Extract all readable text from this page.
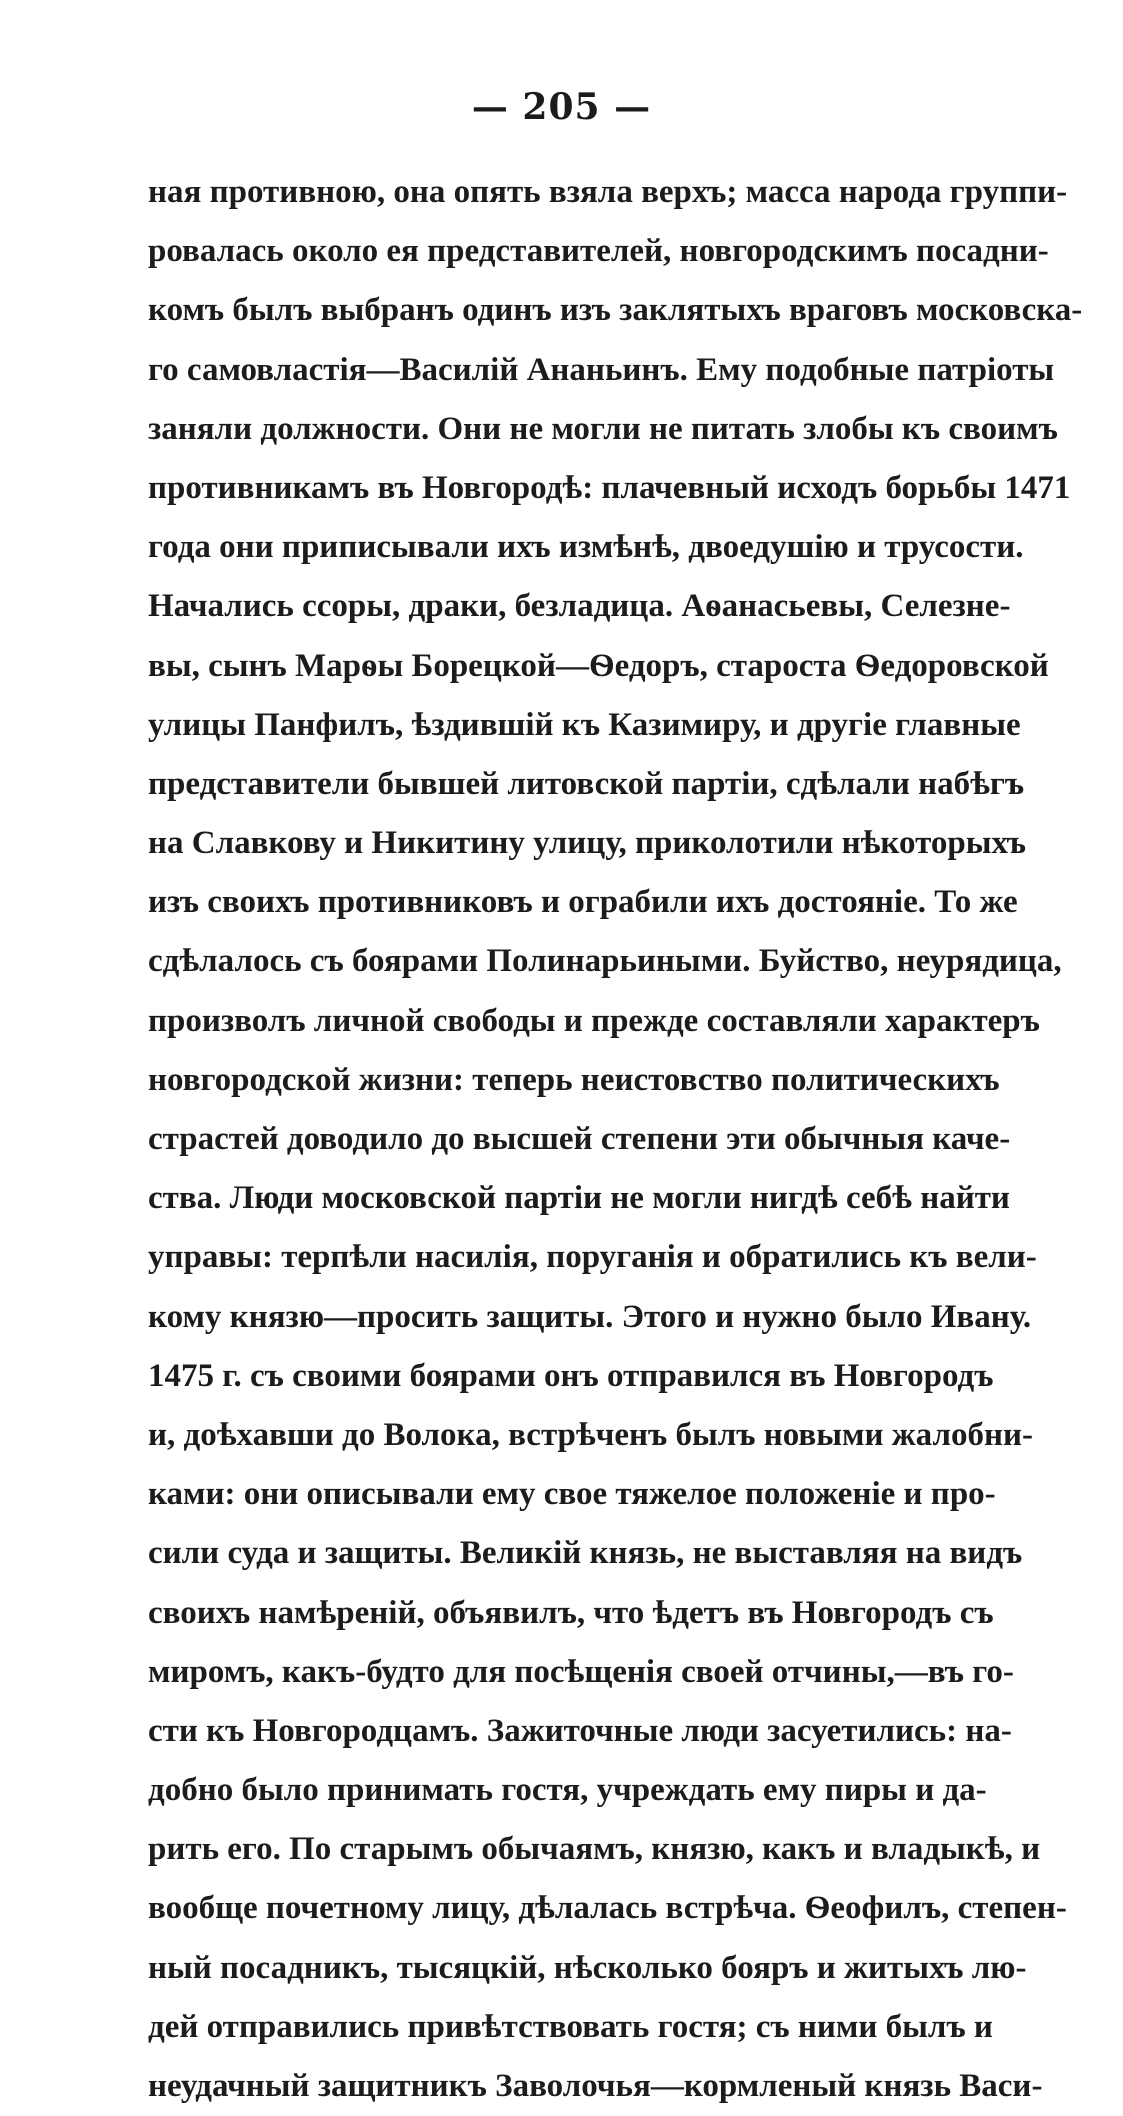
— 205 —
ная противною, она опять взяла верхъ; масса народа группи-
ровалась около ея представителей, новгородскимъ посадни-
комъ былъ выбранъ одинъ изъ заклятыхъ враговъ московска-
го самовластія—Василій Ананьинъ. Ему подобные патріоты
заняли должности. Они не могли не питать злобы къ своимъ
противникамъ въ Новгородѣ: плачевный исходъ борьбы 1471
года они приписывали ихъ измѣнѣ, двоедушію и трусости.
Начались ссоры, драки, безладица. Аѳанасьевы, Селезне-
вы, сынъ Марѳы Борецкой—Ѳедоръ, староста Ѳедоровской
улицы Панфилъ, ѣздившій къ Казимиру, и другіе главные
представители бывшей литовской партіи, сдѣлали набѣгъ
на Славкову и Никитину улицу, приколотили нѣкоторыхъ
изъ своихъ противниковъ и ограбили ихъ достояніе. То же
сдѣлалось съ боярами Полинарьиными. Буйство, неурядица,
произволъ личной свободы и прежде составляли характеръ
новгородской жизни: теперь неистовство политическихъ
страстей доводило до высшей степени эти обычныя каче-
ства. Люди московской партіи не могли нигдѣ себѣ найти
управы: терпѣли насилія, поруганія и обратились къ вели-
кому князю—просить защиты. Этого и нужно было Ивану.
1475 г. съ своими боярами онъ отправился въ Новгородъ
и, доѣхавши до Волока, встрѣченъ былъ новыми жалобни-
ками: они описывали ему свое тяжелое положеніе и про-
сили суда и защиты. Великій князь, не выставляя на видъ
своихъ намѣреній, объявилъ, что ѣдетъ въ Новгородъ съ
миромъ, какъ-будто для посѣщенія своей отчины,—въ го-
сти къ Новгородцамъ. Зажиточные люди засуетились: на-
добно было принимать гостя, учреждать ему пиры и да-
рить его. По старымъ обычаямъ, князю, какъ и владыкѣ, и
вообще почетному лицу, дѣлалась встрѣча. Ѳеофилъ, степен-
ный посадникъ, тысяцкій, нѣсколько бояръ и житыхъ лю-
дей отправились привѣтствовать гостя; съ ними былъ и
неудачный защитникъ Заволочья—кормленый князь Васи-
